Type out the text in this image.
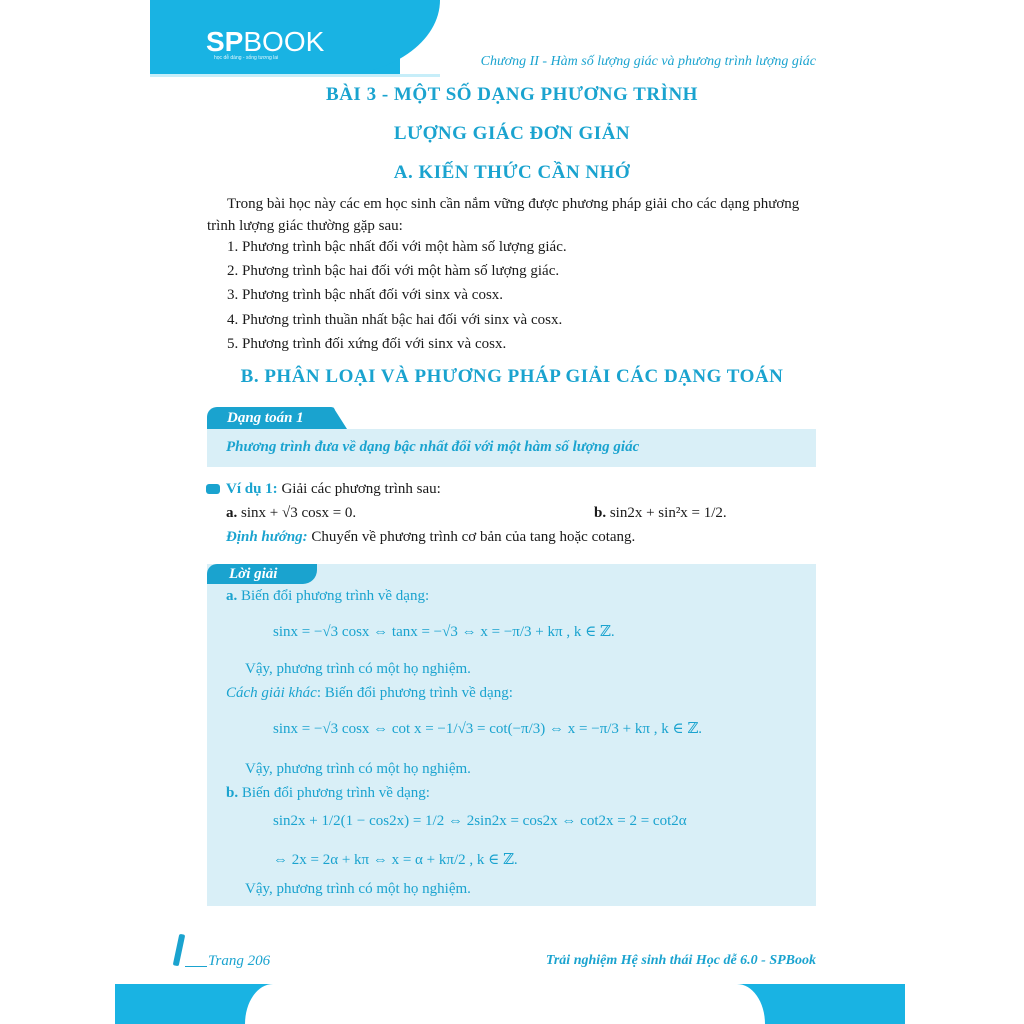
SPBOOK
học dễ dàng - sống tương lai	Chương II - Hàm số lượng giác và phương trình lượng giác
BÀI 3 - MỘT SỐ DẠNG PHƯƠNG TRÌNH
LƯỢNG GIÁC ĐƠN GIẢN
A. KIẾN THỨC CẦN NHỚ
Trong bài học này các em học sinh cần nắm vững được phương pháp giải cho các dạng phương trình lượng giác thường gặp sau:
1. Phương trình bậc nhất đối với một hàm số lượng giác.
2. Phương trình bậc hai đối với một hàm số lượng giác.
3. Phương trình bậc nhất đối với sinx và cosx.
4. Phương trình thuần nhất bậc hai đối với sinx và cosx.
5. Phương trình đối xứng đối với sinx và cosx.
B. PHÂN LOẠI VÀ PHƯƠNG PHÁP GIẢI CÁC DẠNG TOÁN
Dạng toán 1
Phương trình đưa về dạng bậc nhất đối với một hàm số lượng giác
Ví dụ 1: Giải các phương trình sau:
a. sinx + √3 cosx = 0.	b. sin2x + sin²x = 1/2.
Định hướng: Chuyển về phương trình cơ bản của tang hoặc cotang.
Lời giải
a. Biến đổi phương trình về dạng:
sinx = −√3 cosx ⇔ tanx = −√3 ⇔ x = −π/3 + kπ , k ∈ ℤ.
Vậy, phương trình có một họ nghiệm.
Cách giải khác: Biến đổi phương trình về dạng:
sinx = −√3 cosx ⇔ cot x = −1/√3 = cot(−π/3) ⇔ x = −π/3 + kπ , k ∈ ℤ.
Vậy, phương trình có một họ nghiệm.
b. Biến đổi phương trình về dạng:
sin2x + 1/2(1 − cos2x) = 1/2 ⇔ 2sin2x = cos2x ⇔ cot2x = 2 = cot2α
⇔ 2x = 2α + kπ ⇔ x = α + kπ/2 , k ∈ ℤ.
Vậy, phương trình có một họ nghiệm.
Trang 206	Trải nghiệm Hệ sinh thái Học dễ 6.0 - SPBook
